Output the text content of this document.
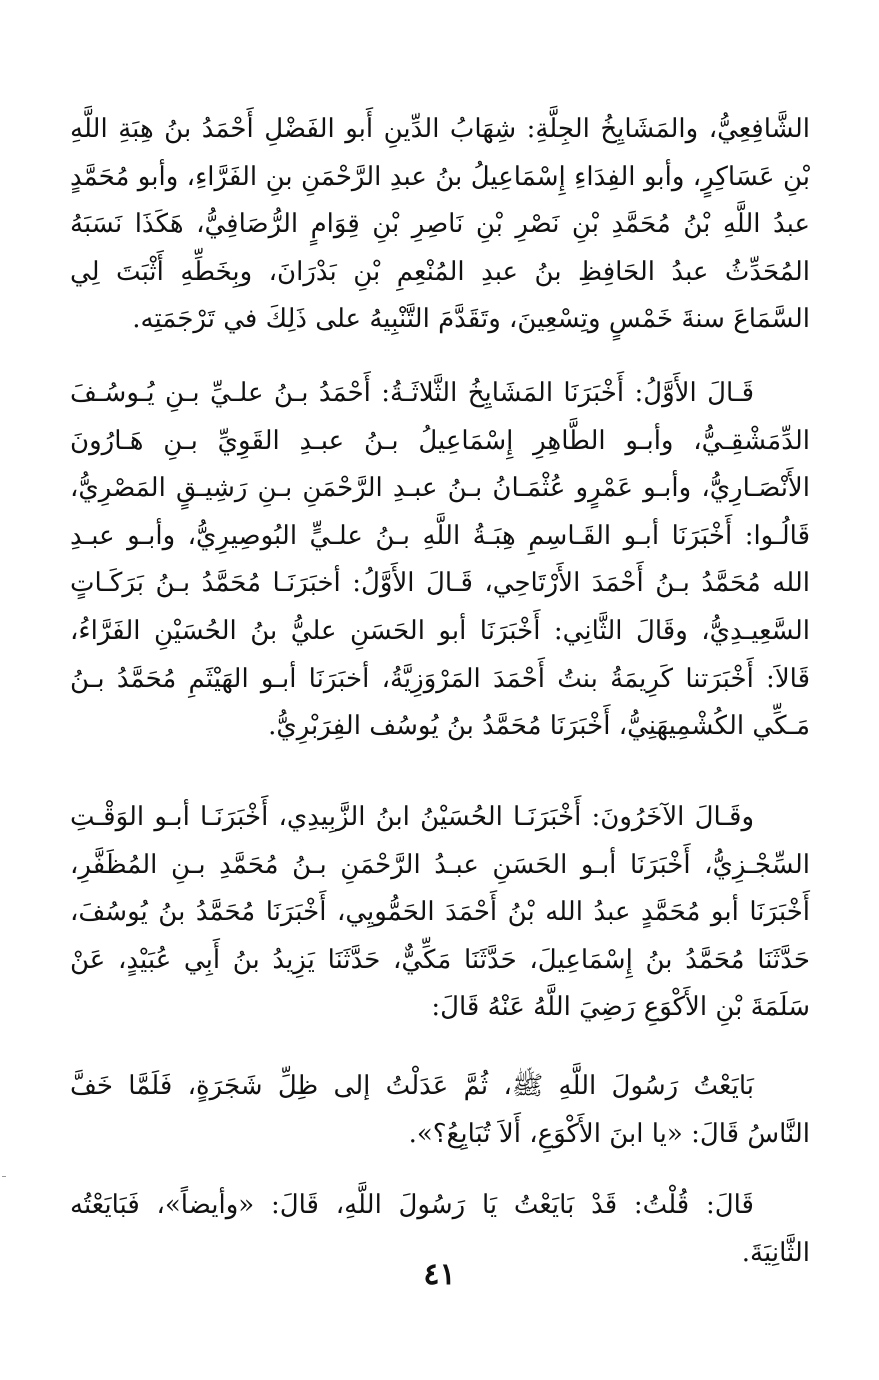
الشَّافِعِيُّ، والمَشَايِخُ الجِلَّةِ: شِهَابُ الدِّينِ أَبو الفَضْلِ أَحْمَدُ بنُ هِبَةِ اللَّهِ بْنِ عَسَاكِرٍ، وأبو الفِدَاءِ إِسْمَاعِيلُ بنُ عبدِ الرَّحْمَنِ بنِ الفَرَّاءِ، وأبو مُحَمَّدٍ عبدُ اللَّهِ بْنُ مُحَمَّدِ بْنِ نَصْرِ بْنِ نَاصِرِ بْنِ قِوَامٍ الرُّصَافِيُّ، هَكَذَا نَسَبَهُ المُحَدِّثُ عبدُ الحَافِظِ بنُ عبدِ المُنْعِمِ بْنِ بَدْرَانَ، وبِخَطِّهِ أَثْبَتَ لِي السَّمَاعَ سنةَ خَمْسٍ وتِسْعِينَ، وتَقَدَّمَ التَّنْبِيهُ على ذَلِكَ في تَرْجَمَتِه.
قَـالَ الأَوَّلُ: أَخْبَرَنَا المَشَايِخُ الثَّلاثَـةُ: أَحْمَدُ بـنُ علـيِّ بـنِ يُـوسُـفَ الدِّمَشْقِـيُّ، وأبـو الطَّاهِرِ إِسْمَاعِيلُ بـنُ عبـدِ القَوِيِّ بـنِ هَـارُونَ الأَنْصَـارِيُّ، وأبـو عَمْرٍو عُثْمَـانُ بـنُ عبـدِ الرَّحْمَنِ بـنِ رَشِيـقٍ المَصْرِيُّ، قَالُـوا: أَخْبَرَنَا أبـو القَـاسِمِ هِبَـةُ اللَّهِ بـنُ علـيٍّ البُوصِيرِيُّ، وأبـو عبـدِ الله مُحَمَّدُ بـنُ أَحْمَدَ الأَرْتَاحِي، قَـالَ الأَوَّلُ: أخبَرَنَـا مُحَمَّدُ بـنُ بَرَكَـاتٍ السَّعِيـدِيُّ، وقَالَ الثَّانِي: أَخْبَرَنَا أبو الحَسَنِ عليُّ بنُ الحُسَيْنِ الفَرَّاءُ، قَالاَ: أَخْبَرَتنا كَرِيمَةُ بنتُ أَحْمَدَ المَرْوَزِيَّةُ، أخبَرَنَا أبـو الهَيْثَمِ مُحَمَّدُ بـنُ مَـكِّي الكُشْمِيهَنِيُّ، أَخْبَرَنَا مُحَمَّدُ بنُ يُوسُف الفِرَبْرِيُّ.
وقَـالَ الآخَرُونَ: أَخْبَرَنَـا الحُسَيْنُ ابنُ الزَّبِيدِي، أَخْبَرَنَـا أبـو الوَقْـتِ السِّجْـزِيُّ، أَخْبَرَنَا أبـو الحَسَنِ عبـدُ الرَّحْمَنِ بـنُ مُحَمَّدِ بـنِ المُظَفَّرِ، أَخْبَرَنَا أبو مُحَمَّدٍ عبدُ الله بْنُ أَحْمَدَ الحَمُّويِي، أَخْبَرَنَا مُحَمَّدُ بنُ يُوسُفَ، حَدَّثَنَا مُحَمَّدُ بنُ إِسْمَاعِيلَ، حَدَّثَنَا مَكِّيٌّ، حَدَّثَنَا يَزِيدُ بنُ أَبِي عُبَيْدٍ، عَنْ سَلَمَةَ بْنِ الأَكْوَعِ رَضِيَ اللَّهُ عَنْهُ قَالَ:
بَايَعْتُ رَسُولَ اللَّهِ ﷺ، ثُمَّ عَدَلْتُ إلى ظِلِّ شَجَرَةٍ، فَلَمَّا خَفَّ النَّاسُ قَالَ: «يا ابنَ الأَكْوَعِ، أَلاَ تُبَايِعُ؟».
قَالَ: قُلْتُ: قَدْ بَايَعْتُ يَا رَسُولَ اللَّهِ، قَالَ: «وأيضاً»، فَبَايَعْتُه الثَّانِيَةَ.
٤١
